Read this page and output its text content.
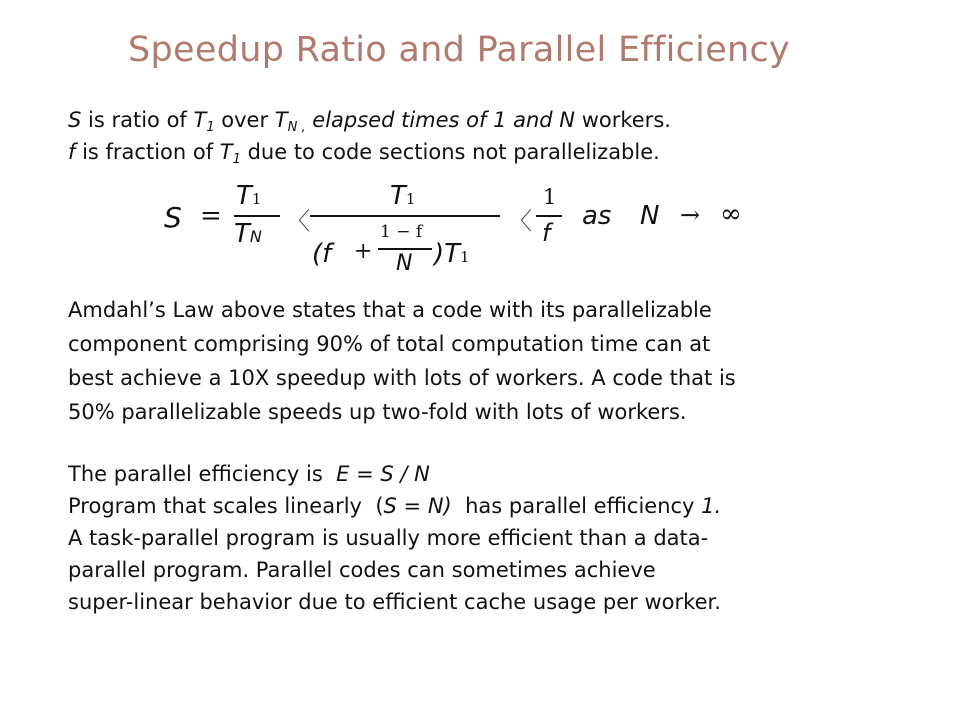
Speedup Ratio and Parallel Efficiency
S is ratio of $T_1$ over $T_{N ,}$ elapsed times of 1 and N workers.
f is fraction of $T_1$ due to code sections not parallelizable.
S =
T1
TN
〈
T1
(f +
1 − f
N )T1
〈
1
f
as N → ∞
Amdahl’s Law above states that a code with its parallelizable
component comprising 90% of total computation time can at
best achieve a 10X speedup with lots of workers. A code that is
50% parallelizable speeds up two-fold with lots of workers.
The parallel efficiency is  E = S / N
Program that scales linearly  (S = N)  has parallel efficiency 1.
A task-parallel program is usually more efficient than a data-
parallel program. Parallel codes can sometimes achieve
super-linear behavior due to efficient cache usage per worker.
